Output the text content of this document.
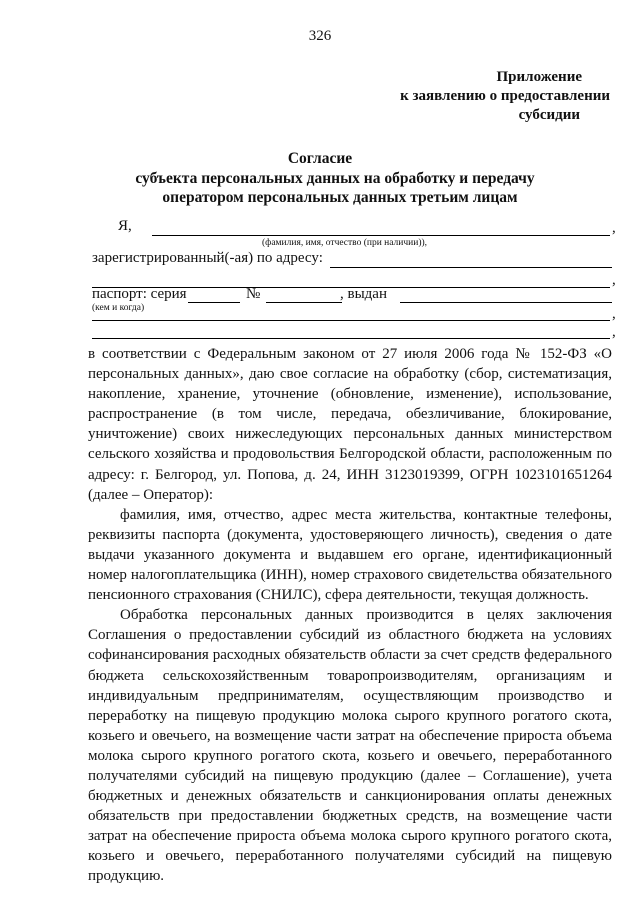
326
Приложение
к заявлению о предоставлении
субсидии
Согласие
субъекта персональных данных на обработку и передачу
оператором персональных данных третьим лицам
Я,	,
(фамилия, имя, отчество (при наличии)),
зарегистрированный(-ая) по адресу:
,
паспорт: серия	№	, выдан
(кем и когда)	,
,

в соответствии с Федеральным законом от 27 июля 2006 года № 152-ФЗ «О персональных данных», даю свое согласие на обработку (сбор, систематизация, накопление, хранение, уточнение (обновление, изменение), использование, распространение (в том числе, передача, обезличивание, блокирование, уничтожение) своих нижеследующих персональных данных министерством сельского хозяйства и продовольствия Белгородской области, расположенным по адресу: г. Белгород, ул. Попова, д. 24, ИНН 3123019399, ОГРН 1023101651264 (далее – Оператор):

фамилия, имя, отчество, адрес места жительства, контактные телефоны, реквизиты паспорта (документа, удостоверяющего личность), сведения о дате выдачи указанного документа и выдавшем его органе, идентификационный номер налогоплательщика (ИНН), номер страхового свидетельства обязательного пенсионного страхования (СНИЛС), сфера деятельности, текущая должность.

Обработка персональных данных производится в целях заключения Соглашения о предоставлении субсидий из областного бюджета на условиях софинансирования расходных обязательств области за счет средств федерального бюджета сельскохозяйственным товаропроизводителям, организациям и индивидуальным предпринимателям, осуществляющим производство и переработку на пищевую продукцию молока сырого крупного рогатого скота, козьего и овечьего, на возмещение части затрат на обеспечение прироста объема молока сырого крупного рогатого скота, козьего и овечьего, переработанного получателями субсидий на пищевую продукцию (далее – Соглашение), учета бюджетных и денежных обязательств и санкционирования оплаты денежных обязательств при предоставлении бюджетных средств, на возмещение части затрат на обеспечение прироста объема молока сырого крупного рогатого скота, козьего и овечьего, переработанного получателями субсидий на пищевую продукцию.
